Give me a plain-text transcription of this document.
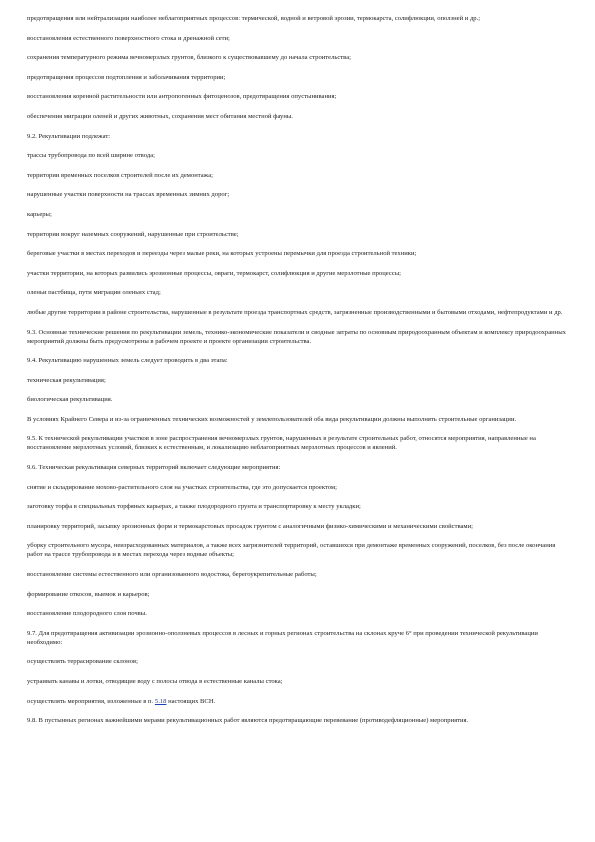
предотвращения или нейтрализации наиболее неблагоприятных процессов: термической, водной и ветровой эрозии, термокарста, солифлюкции, оползней и др.;

восстановления естественного поверхностного стока и дренажной сети;

сохранения температурного режима вечномерзлых грунтов, близкого к существовавшему до начала строительства;

предотвращения процессов подтопления и заболачивания территории;

восстановления коренной растительности или антропогенных фитоценозов, предотвращения опустынивания;

обеспечения миграции оленей и других животных, сохранения мест обитания местной фауны.

9.2. Рекультивации подлежат:

трассы трубопровода по всей ширине отвода;

территории временных поселков строителей после их демонтажа;

нарушенные участки поверхности на трассах временных зимних дорог;

карьеры;

территории вокруг наземных сооружений, нарушенные при строительстве;

береговые участки в местах переходов и переезды через малые реки, на которых устроены перемычки для проезда строительной техники;

участки территории, на которых развились эрозионные процессы, овраги, термокарст, солифлюкция и другие мерзлотные процессы;

оленьи пастбища, пути миграции оленьих стад;

любые другие территории в районе строительства, нарушенные в результате проезда транспортных средств, загрязненные производственными и бытовыми отходами, нефтепродуктами и др.

9.3. Основные технические решения по рекультивации земель, технико-экономические показатели и сводные затраты по основным природоохранным объектам и комплексу природоохранных мероприятий должны быть предусмотрены в рабочем проекте и проекте организации строительства.

9.4. Рекультивацию нарушенных земель следует проводить в два этапа:

техническая рекультивация;

биологическая рекультивация.

В условиях Крайнего Севера и из-за ограниченных технических возможностей у землепользователей оба вида рекультивации должны выполнять строительные организации.

9.5. К технической рекультивации участков в зоне распространения вечномерзлых грунтов, нарушенных в результате строительных работ, относятся мероприятия, направленные на восстановление мерзлотных условий, близких к естественным, и локализацию неблагоприятных мерзлотных процессов и явлений.

9.6. Техническая рекультивация северных территорий включает следующие мероприятия:

снятие и складирование мохово-растительного слоя на участках строительства, где это допускается проектом;

заготовку торфа в специальных торфяных карьерах, а также плодородного грунта и транспортировку к месту укладки;

планировку территорий, засыпку эрозионных форм и термокарстовых просадок грунтом с аналогичными физико-химическими и механическими свойствами;

уборку строительного мусора, неизрасходованных материалов, а также всех загрязнителей территорий, оставшихся при демонтаже временных сооружений, поселков, без после окончания работ на трассе трубопровода и в местах перехода через водные объекты;

восстановление системы естественного или организованного водостока, берегоукрепительные работы;

формирование откосов, выемок и карьеров;

восстановление плодородного слоя почвы.

9.7. Для предотвращения активизации эрозионно-оползневых процессов в лесных и горных регионах строительства на склонах круче 6° при проведении технической рекультивации необходимо:

осуществлять террасирование склонов;

устраивать канавы и лотки, отводящие воду с полосы отвода в естественные каналы стока;

осуществлять мероприятия, изложенные в п. 5.18 настоящих ВСН.

9.8. В пустынных регионах важнейшими мерами рекультивационных работ являются предотвращающие перевевание (противодефляционные) мероприятия.
